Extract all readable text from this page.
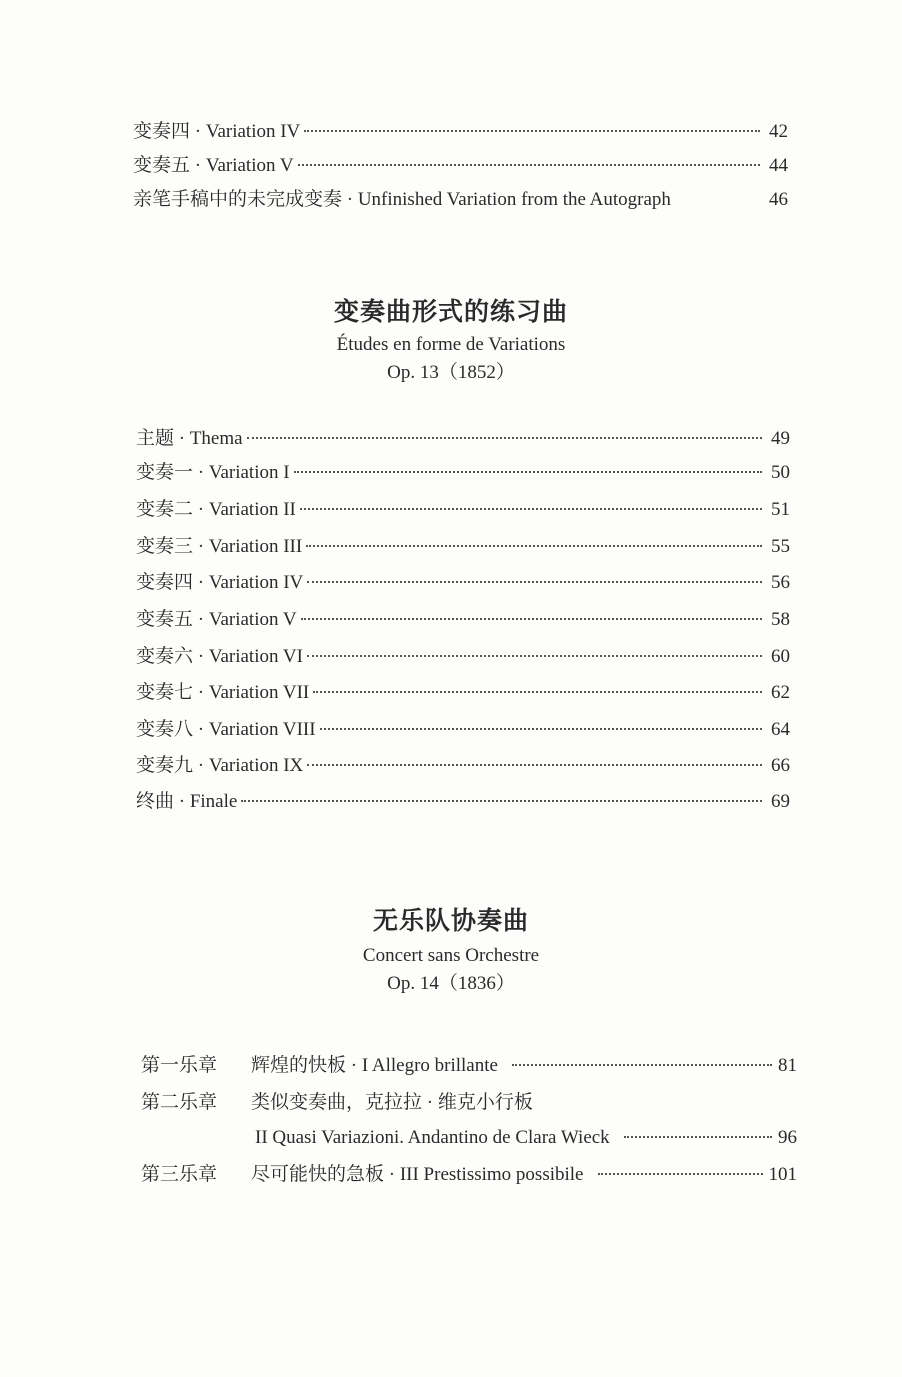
变奏四 · Variation IV	42
变奏五 · Variation V	44
亲笔手稿中的未完成变奏 · Unfinished Variation from the Autograph	46
变奏曲形式的练习曲
Études en forme de Variations
Op. 13（1852）
主题 · Thema	49
变奏一 · Variation I	50
变奏二 · Variation II	51
变奏三 · Variation III	55
变奏四 · Variation IV	56
变奏五 · Variation V	58
变奏六 · Variation VI	60
变奏七 · Variation VII	62
变奏八 · Variation VIII	64
变奏九 · Variation IX	66
终曲 · Finale	69
无乐队协奏曲
Concert sans Orchestre
Op. 14（1836）
第一乐章	辉煌的快板 · I Allegro brillante	81
第二乐章	类似变奏曲，克拉拉 · 维克小行板
II Quasi Variazioni. Andantino de Clara Wieck	96
第三乐章	尽可能快的急板 · III Prestissimo possibile	101
